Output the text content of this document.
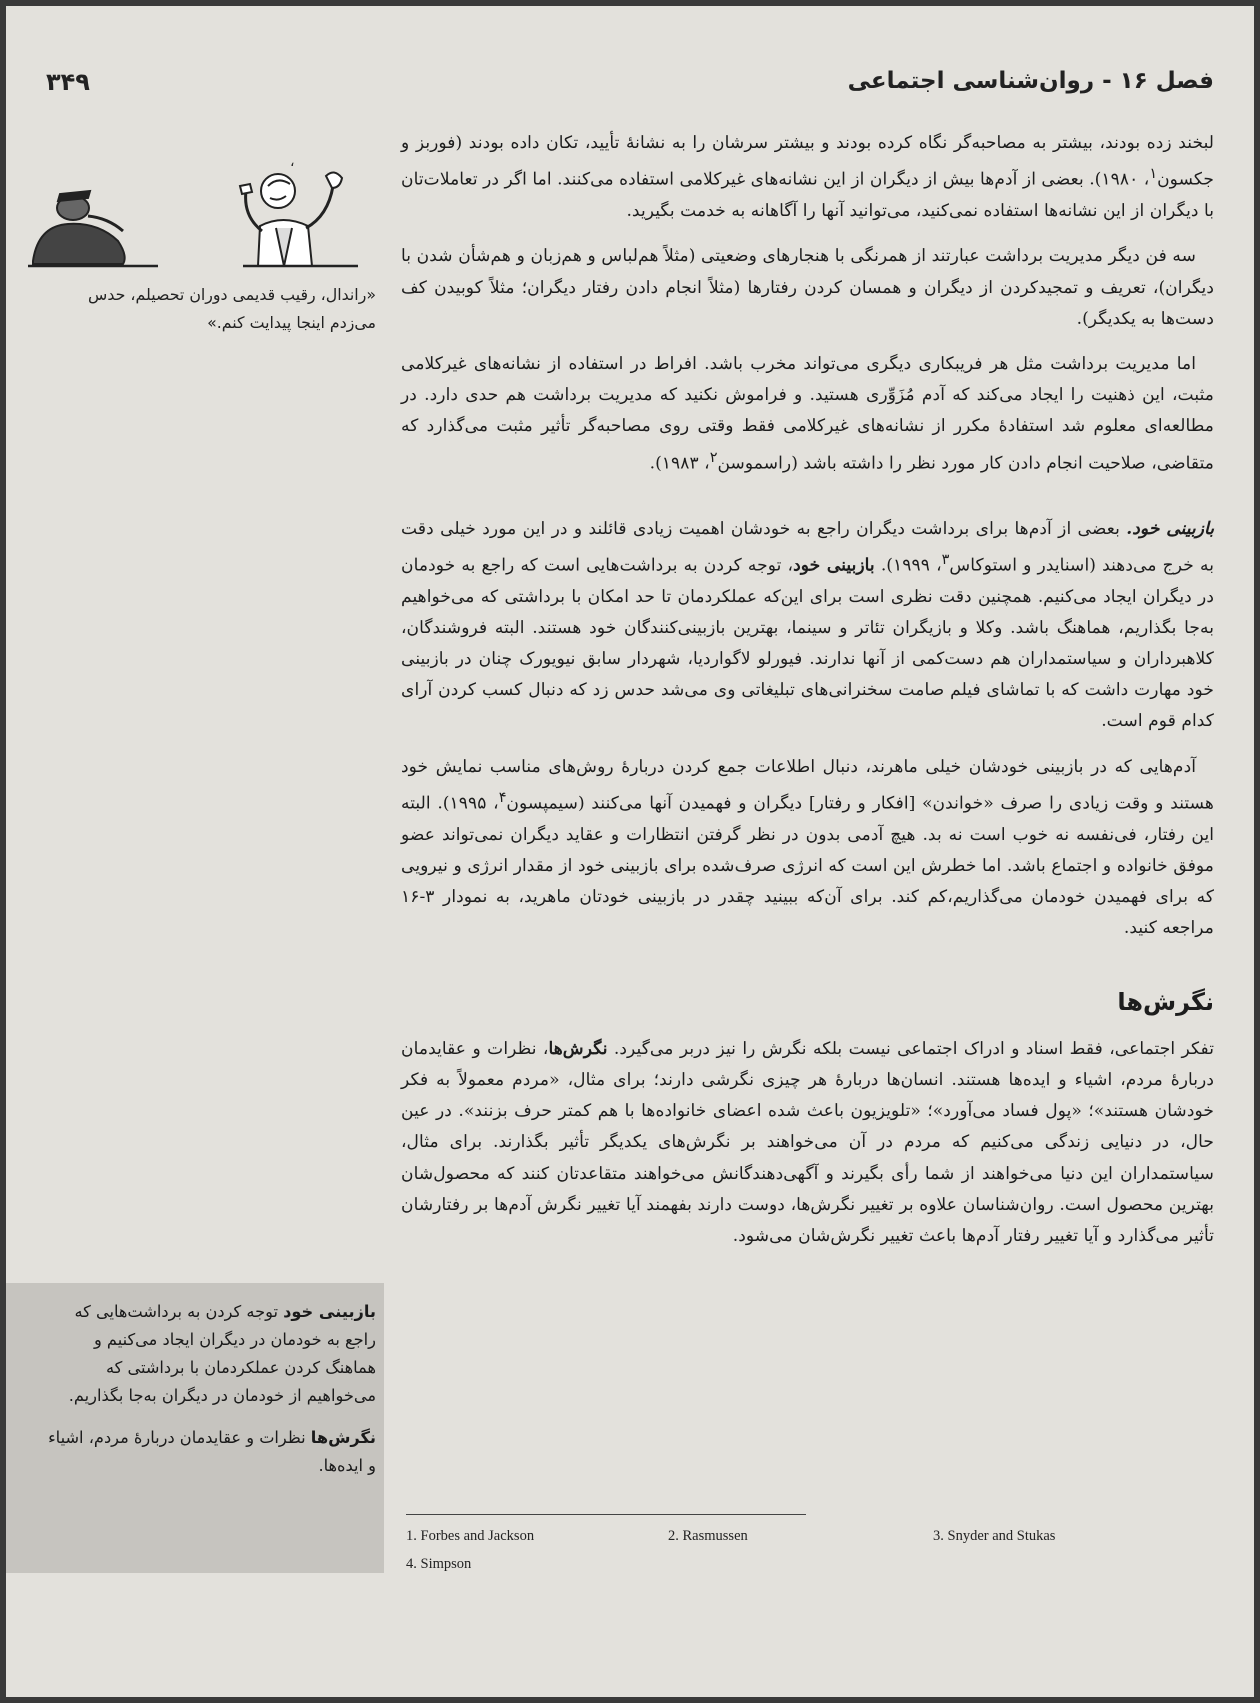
فصل ۱۶ - روان‌شناسی اجتماعی
۳۴۹
،
«راندال، رقیب قدیمی دوران تحصیلم، حدس می‌زدم اینجا پیدایت کنم.»

لبخند زده بودند، بیشتر به مصاحبه‌گر نگاه کرده بودند و بیشتر سرشان را به نشانهٔ تأیید، تکان داده بودند (فوربز و جکسون$^۱$، ۱۹۸۰). بعضی از آدم‌ها بیش از دیگران از این نشانه‌های غیرکلامی استفاده می‌کنند. اما اگر در تعاملات‌تان با دیگران از این نشانه‌ها استفاده نمی‌کنید، می‌توانید آنها را آگاهانه به خدمت بگیرید.

سه فن دیگر مدیریت برداشت عبارتند از همرنگی با هنجارهای وضعیتی (مثلاً هم‌لباس و هم‌زبان و هم‌شأن شدن با دیگران)، تعریف و تمجیدکردن از دیگران و همسان کردن رفتارها (مثلاً انجام دادن رفتار دیگران؛ مثلاً کوبیدن کف دست‌ها به یکدیگر).

اما مدیریت برداشت مثل هر فریبکاری دیگری می‌تواند مخرب باشد. افراط در استفاده از نشانه‌های غیرکلامی مثبت، این ذهنیت را ایجاد می‌کند که آدم مُزَوِّری هستید. و فراموش نکنید که مدیریت برداشت هم حدی دارد. در مطالعه‌ای معلوم شد استفادهٔ مکرر از نشانه‌های غیرکلامی فقط وقتی روی مصاحبه‌گر تأثیر مثبت می‌گذارد که متقاضی، صلاحیت انجام دادن کار مورد نظر را داشته باشد (راسموسن$^۲$، ۱۹۸۳).

بازبینی خود. بعضی از آدم‌ها برای برداشت دیگران راجع به خودشان اهمیت زیادی قائلند و در این مورد خیلی دقت به خرج می‌دهند (اسنایدر و استوکاس$^۳$، ۱۹۹۹). بازبینی خود، توجه کردن به برداشت‌هایی است که راجع به خودمان در دیگران ایجاد می‌کنیم. همچنین دقت نظری است برای این‌که عملکردمان تا حد امکان با برداشتی که می‌خواهیم به‌جا بگذاریم، هماهنگ باشد. وکلا و بازیگران تئاتر و سینما، بهترین بازبینی‌کنندگان خود هستند. البته فروشندگان، کلاهبرداران و سیاستمداران هم دست‌کمی از آنها ندارند. فیورلو لاگواردیا، شهردار سابق نیویورک چنان در بازبینی خود مهارت داشت که با تماشای فیلم صامت سخنرانی‌های تبلیغاتی وی می‌شد حدس زد که دنبال کسب کردن آرای کدام قوم است.

آدم‌هایی که در بازبینی خودشان خیلی ماهرند، دنبال اطلاعات جمع کردن دربارهٔ روش‌های مناسب نمایش خود هستند و وقت زیادی را صرف «خواندن» [افکار و رفتار] دیگران و فهمیدن آنها می‌کنند (سیمپسون$^۴$، ۱۹۹۵). البته این رفتار، فی‌نفسه نه خوب است نه بد. هیچ آدمی بدون در نظر گرفتن انتظارات و عقاید دیگران نمی‌تواند عضو موفق خانواده و اجتماع باشد. اما خطرش این است که انرژی صرف‌شده برای بازبینی خود از مقدار انرژی و نیرویی که برای فهمیدن خودمان می‌گذاریم،کم کند. برای آن‌که ببینید چقدر در بازبینی خودتان ماهرید، به نمودار ۳-۱۶ مراجعه کنید.

نگرش‌ها

تفکر اجتماعی، فقط اسناد و ادراک اجتماعی نیست بلکه نگرش را نیز دربر می‌گیرد. نگرش‌ها، نظرات و عقایدمان دربارهٔ مردم، اشیاء و ایده‌ها هستند. انسان‌ها دربارهٔ هر چیزی نگرشی دارند؛ برای مثال، «مردم معمولاً به فکر خودشان هستند»؛ «پول فساد می‌آورد»؛ «تلویزیون باعث شده اعضای خانواده‌ها با هم کمتر حرف بزنند». در عین حال، در دنیایی زندگی می‌کنیم که مردم در آن می‌خواهند بر نگرش‌های یکدیگر تأثیر بگذارند. برای مثال، سیاستمداران این دنیا می‌خواهند از شما رأی بگیرند و آگهی‌دهندگانش می‌خواهند متقاعدتان کنند که محصول‌شان بهترین محصول است. روان‌شناسان علاوه بر تغییر نگرش‌ها، دوست دارند بفهمند آیا تغییر نگرش آدم‌ها بر رفتارشان تأثیر می‌گذارد و آیا تغییر رفتار آدم‌ها باعث تغییر نگرش‌شان می‌شود.

بازبینی خود توجه کردن به برداشت‌هایی که راجع به خودمان در دیگران ایجاد می‌کنیم و هماهنگ کردن عملکردمان با برداشتی که می‌خواهیم از خودمان در دیگران به‌جا بگذاریم.

نگرش‌ها نظرات و عقایدمان دربارهٔ مردم، اشیاء و ایده‌ها.

1. Forbes and Jackson	2. Rasmussen	3. Snyder and Stukas
4. Simpson
